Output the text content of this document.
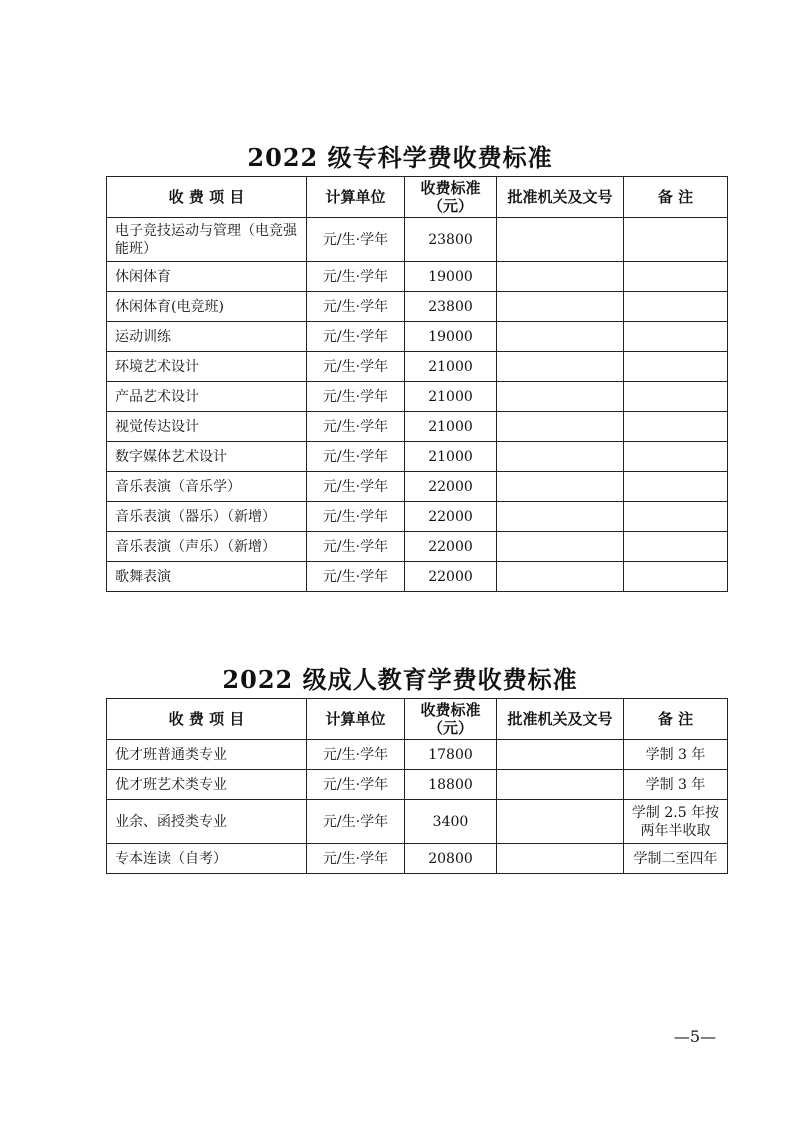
2022 级专科学费收费标准
收 费 项 目	计算单位	收费标准（元）	批准机关及文号	备 注
电子竞技运动与管理（电竞强能班）	元/生·学年	23800		
休闲体育	元/生·学年	19000		
休闲体育(电竞班)	元/生·学年	23800		
运动训练	元/生·学年	19000		
环境艺术设计	元/生·学年	21000		
产品艺术设计	元/生·学年	21000		
视觉传达设计	元/生·学年	21000		
数字媒体艺术设计	元/生·学年	21000		
音乐表演（音乐学）	元/生·学年	22000		
音乐表演（器乐）（新增）	元/生·学年	22000		
音乐表演（声乐）（新增）	元/生·学年	22000		
歌舞表演	元/生·学年	22000		
2022 级成人教育学费收费标准
收 费 项 目	计算单位	收费标准（元）	批准机关及文号	备 注
优才班普通类专业	元/生·学年	17800		学制 3 年
优才班艺术类专业	元/生·学年	18800		学制 3 年
业余、函授类专业	元/生·学年	3400		学制 2.5 年按两年半收取
专本连读（自考）	元/生·学年	20800		学制二至四年
—5—
